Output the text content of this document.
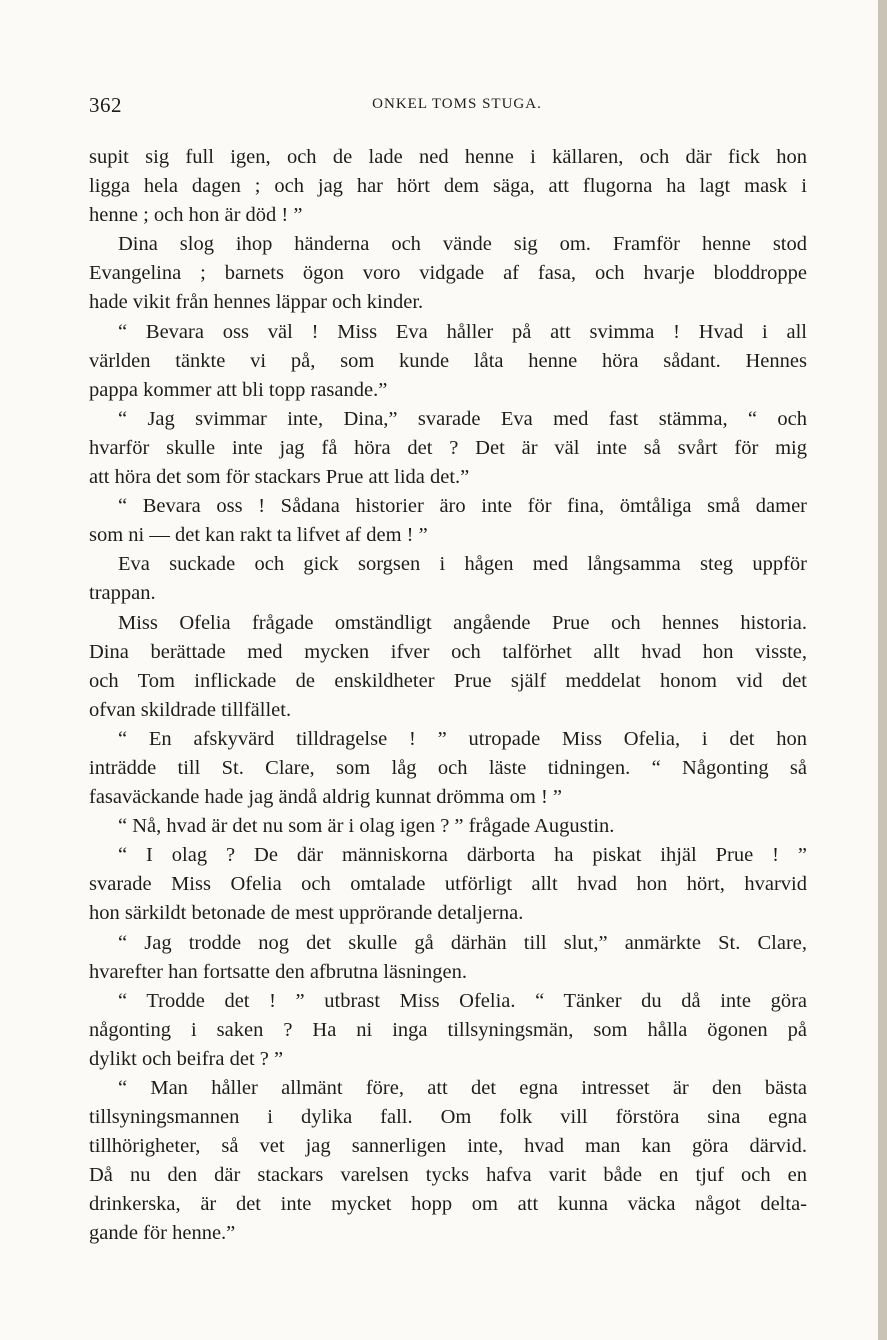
362	ONKEL TOMS STUGA.
supit sig full igen, och de lade ned henne i källaren, och där fick hon
ligga hela dagen ; och jag har hört dem säga, att flugorna ha lagt mask i
henne ; och hon är död ! ”
Dina slog ihop händerna och vände sig om. Framför henne stod
Evangelina ; barnets ögon voro vidgade af fasa, och hvarje bloddroppe
hade vikit från hennes läppar och kinder.
“ Bevara oss väl ! Miss Eva håller på att svimma ! Hvad i all
världen tänkte vi på, som kunde låta henne höra sådant. Hennes
pappa kommer att bli topp rasande.”
“ Jag svimmar inte, Dina,” svarade Eva med fast stämma, “ och
hvarför skulle inte jag få höra det ? Det är väl inte så svårt för mig
att höra det som för stackars Prue att lida det.”
“ Bevara oss ! Sådana historier äro inte för fina, ömtåliga små damer
som ni — det kan rakt ta lifvet af dem ! ”
Eva suckade och gick sorgsen i hågen med långsamma steg uppför
trappan.
Miss Ofelia frågade omständligt angående Prue och hennes historia.
Dina berättade med mycken ifver och talförhet allt hvad hon visste,
och Tom inflickade de enskildheter Prue själf meddelat honom vid det
ofvan skildrade tillfället.
“ En afskyvärd tilldragelse ! ” utropade Miss Ofelia, i det hon
inträdde till St. Clare, som låg och läste tidningen. “ Någonting så
fasaväckande hade jag ändå aldrig kunnat drömma om ! ”
“ Nå, hvad är det nu som är i olag igen ? ” frågade Augustin.
“ I olag ? De där människorna därborta ha piskat ihjäl Prue ! ”
svarade Miss Ofelia och omtalade utförligt allt hvad hon hört, hvarvid
hon särkildt betonade de mest upprörande detaljerna.
“ Jag trodde nog det skulle gå därhän till slut,” anmärkte St. Clare,
hvarefter han fortsatte den afbrutna läsningen.
“ Trodde det ! ” utbrast Miss Ofelia. “ Tänker du då inte göra
någonting i saken ? Ha ni inga tillsyningsmän, som hålla ögonen på
dylikt och beifra det ? ”
“ Man håller allmänt före, att det egna intresset är den bästa
tillsyningsmannen i dylika fall. Om folk vill förstöra sina egna
tillhörigheter, så vet jag sannerligen inte, hvad man kan göra därvid.
Då nu den där stackars varelsen tycks hafva varit både en tjuf och en
drinkerska, är det inte mycket hopp om att kunna väcka något delta-
gande för henne.”
